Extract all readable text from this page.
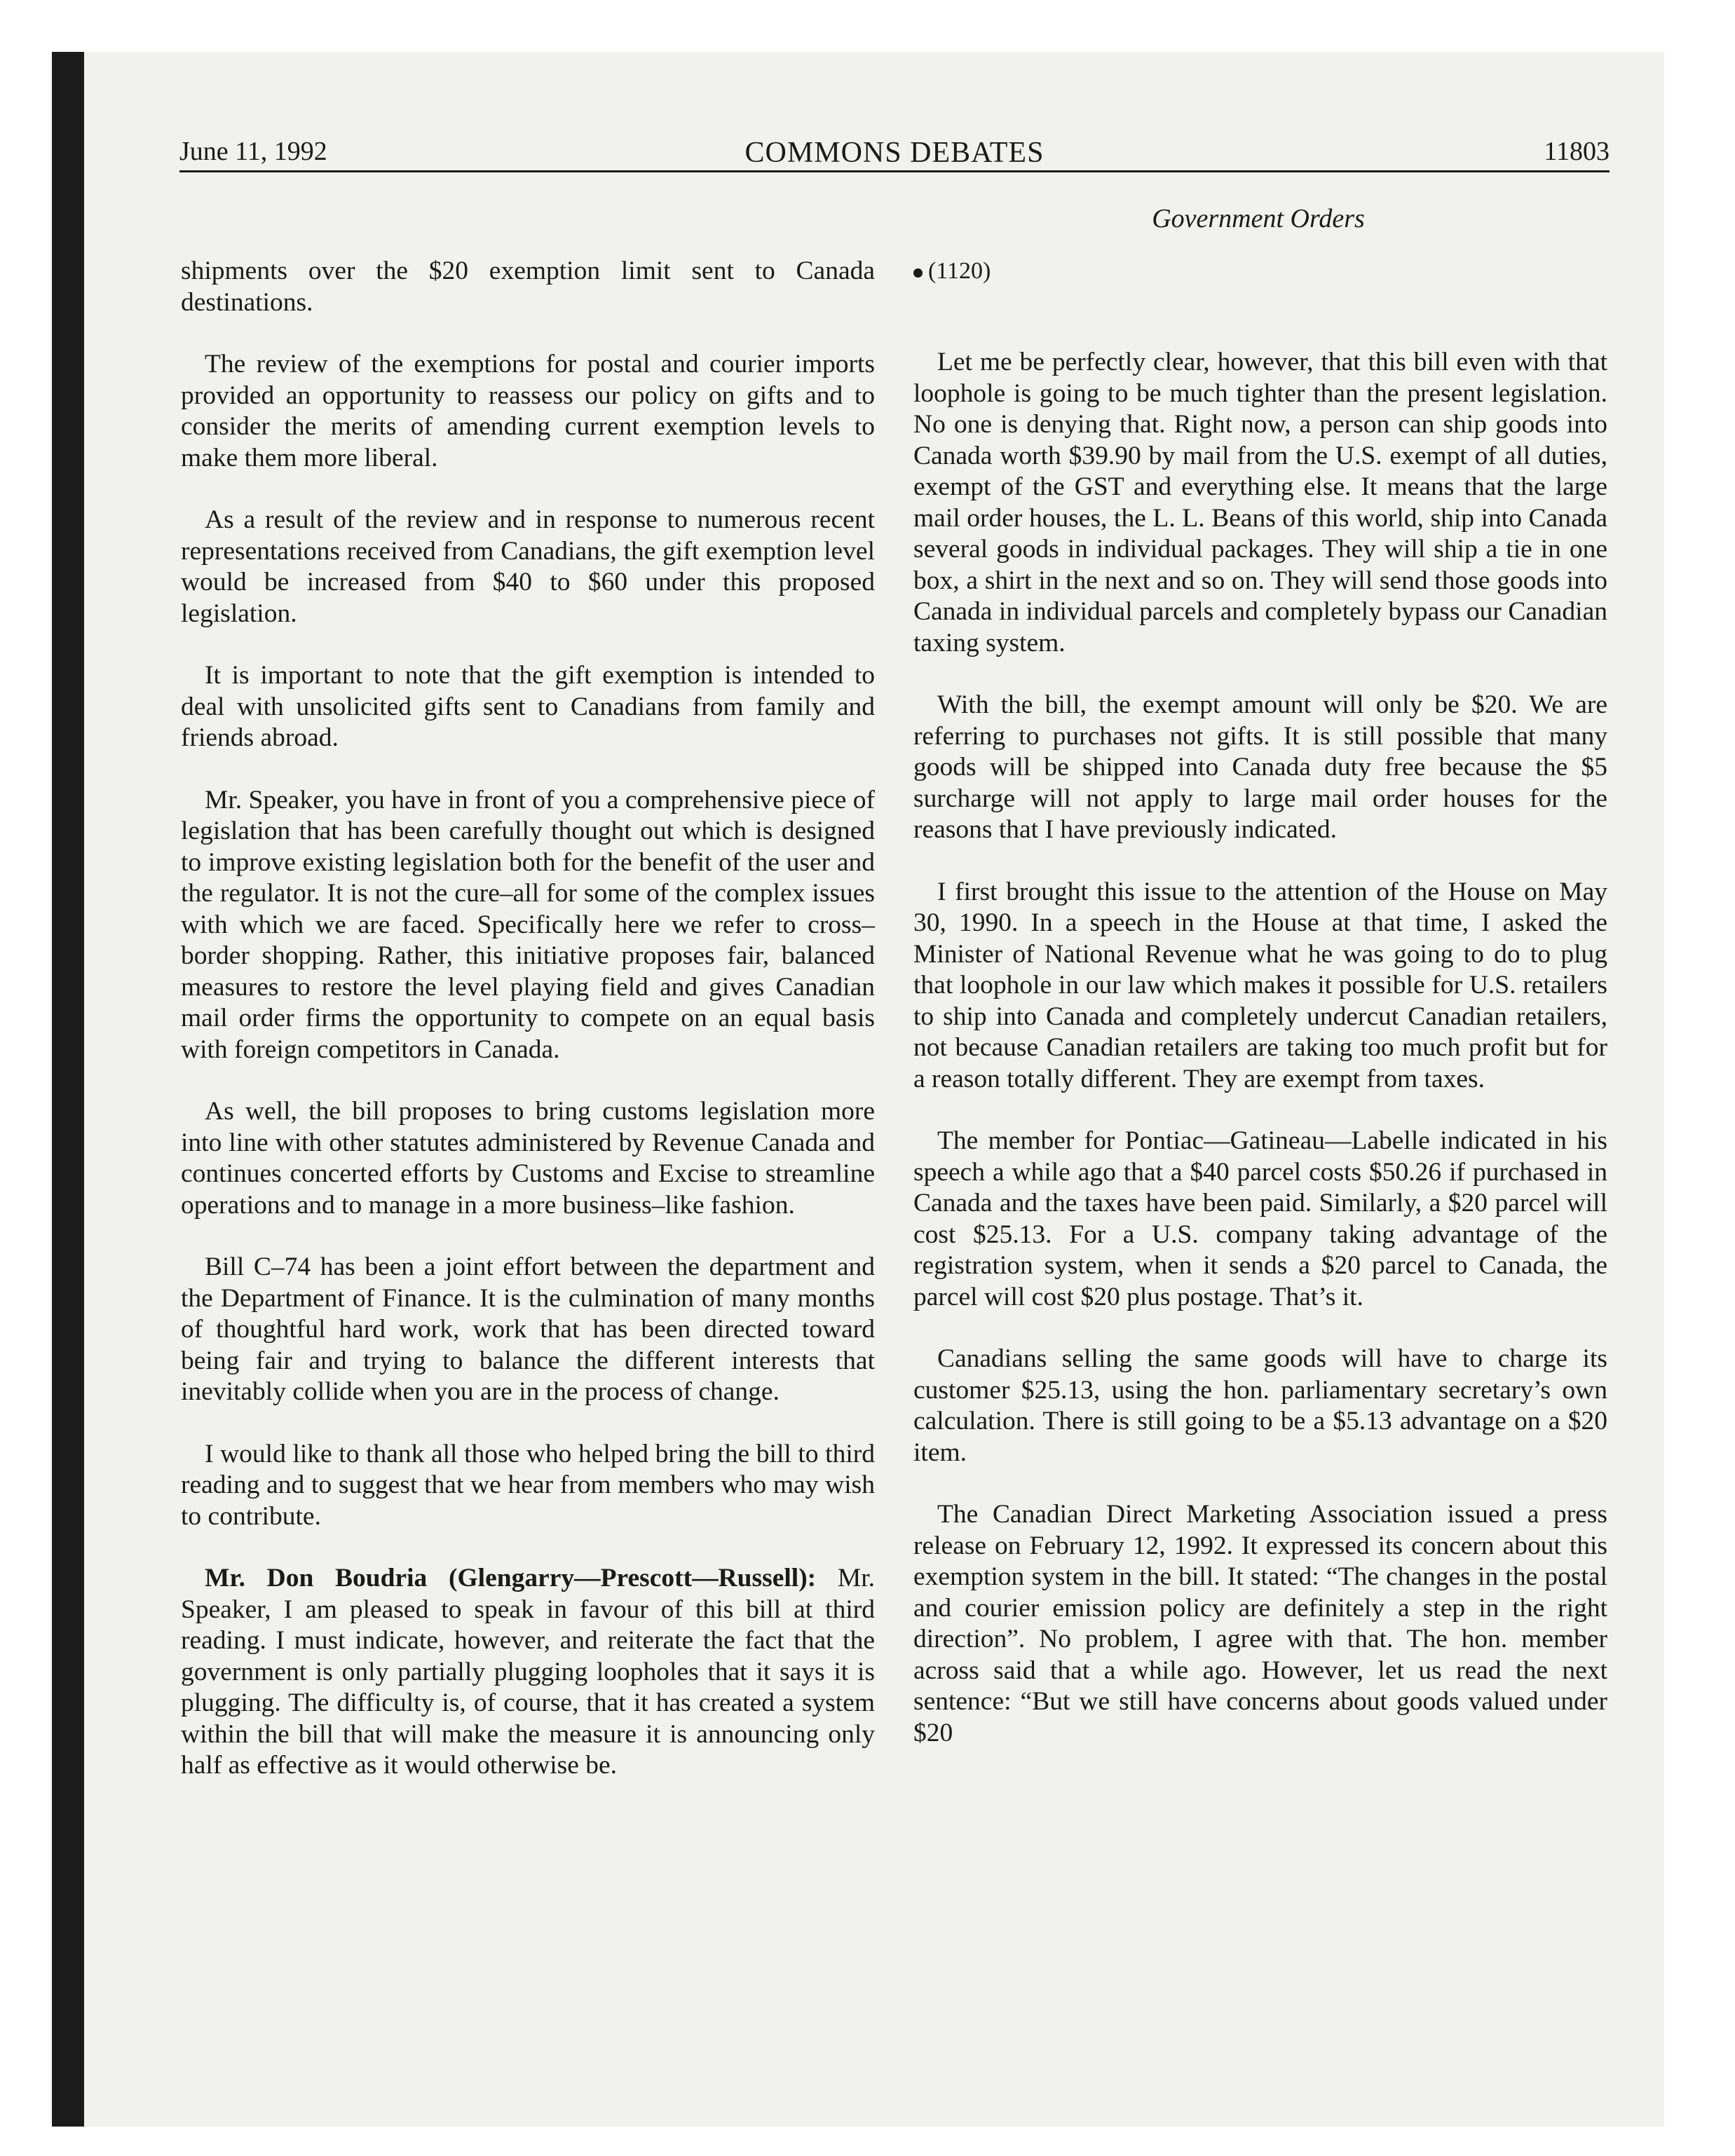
June 11, 1992	COMMONS DEBATES	11803
Government Orders

shipments over the $20 exemption limit sent to Canada destinations.

The review of the exemptions for postal and courier imports provided an opportunity to reassess our policy on gifts and to consider the merits of amending current exemption levels to make them more liberal.

As a result of the review and in response to numerous recent representations received from Canadians, the gift exemption level would be increased from $40 to $60 under this proposed legislation.

It is important to note that the gift exemption is intended to deal with unsolicited gifts sent to Canadians from family and friends abroad.

Mr. Speaker, you have in front of you a comprehensive piece of legislation that has been carefully thought out which is designed to improve existing legislation both for the benefit of the user and the regulator. It is not the cure–all for some of the complex issues with which we are faced. Specifically here we refer to cross–border shopping. Rather, this initiative proposes fair, balanced measures to restore the level playing field and gives Canadian mail order firms the opportunity to compete on an equal basis with foreign competitors in Canada.

As well, the bill proposes to bring customs legislation more into line with other statutes administered by Revenue Canada and continues concerted efforts by Customs and Excise to streamline operations and to manage in a more business–like fashion.

Bill C–74 has been a joint effort between the department and the Department of Finance. It is the culmination of many months of thoughtful hard work, work that has been directed toward being fair and trying to balance the different interests that inevitably collide when you are in the process of change.

I would like to thank all those who helped bring the bill to third reading and to suggest that we hear from members who may wish to contribute.

Mr. Don Boudria (Glengarry—Prescott—Russell): Mr. Speaker, I am pleased to speak in favour of this bill at third reading. I must indicate, however, and reiterate the fact that the government is only partially plugging loopholes that it says it is plugging. The difficulty is, of course, that it has created a system within the bill that will make the measure it is announcing only half as effective as it would otherwise be.

(1120)

Let me be perfectly clear, however, that this bill even with that loophole is going to be much tighter than the present legislation. No one is denying that. Right now, a person can ship goods into Canada worth $39.90 by mail from the U.S. exempt of all duties, exempt of the GST and everything else. It means that the large mail order houses, the L. L. Beans of this world, ship into Canada several goods in individual packages. They will ship a tie in one box, a shirt in the next and so on. They will send those goods into Canada in individual parcels and completely bypass our Canadian taxing system.

With the bill, the exempt amount will only be $20. We are referring to purchases not gifts. It is still possible that many goods will be shipped into Canada duty free because the $5 surcharge will not apply to large mail order houses for the reasons that I have previously indicated.

I first brought this issue to the attention of the House on May 30, 1990. In a speech in the House at that time, I asked the Minister of National Revenue what he was going to do to plug that loophole in our law which makes it possible for U.S. retailers to ship into Canada and completely undercut Canadian retailers, not because Canadian retailers are taking too much profit but for a reason totally different. They are exempt from taxes.

The member for Pontiac—Gatineau—Labelle indicated in his speech a while ago that a $40 parcel costs $50.26 if purchased in Canada and the taxes have been paid. Similarly, a $20 parcel will cost $25.13. For a U.S. company taking advantage of the registration system, when it sends a $20 parcel to Canada, the parcel will cost $20 plus postage. That’s it.

Canadians selling the same goods will have to charge its customer $25.13, using the hon. parliamentary secretary’s own calculation. There is still going to be a $5.13 advantage on a $20 item.

The Canadian Direct Marketing Association issued a press release on February 12, 1992. It expressed its concern about this exemption system in the bill. It stated: “The changes in the postal and courier emission policy are definitely a step in the right direction”. No problem, I agree with that. The hon. member across said that a while ago. However, let us read the next sentence: “But we still have concerns about goods valued under $20
